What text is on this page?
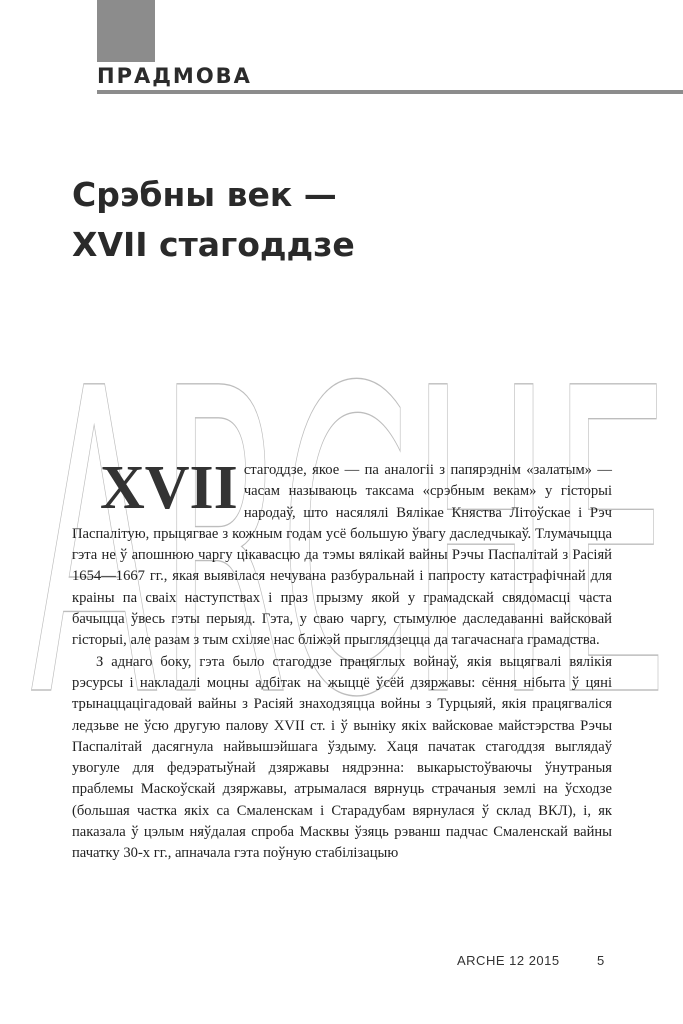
ПРАДМОВА
Срэбны век —
XVII стагоддзе
ARCHE

XVII стагоддзе, якое — па аналогіі з папярэднім «залатым» — часам называюць таксама «срэбным векам» у гісторыі народаў, што насялялі Вялікае Княства Літоўскае і Рэч Паспалітую, прыцягвае з кожным годам усё большую ўвагу даследчыкаў. Тлумачыцца гэта не ў апошнюю чаргу цікавасцю да тэмы вялікай вайны Рэчы Паспалітай з Расіяй 1654—1667 гг., якая выявілася нечувана разбуральнай і папросту катастрафічнай для краіны па сваіх наступствах і праз прызму якой у грамадскай свядомасці часта бачыцца ўвесь гэты перыяд. Гэта, у сваю чаргу, стымулюе даследаванні вайсковай гісторыі, але разам з тым схіляе нас бліжэй прыглядзецца да тагачаснага грамадства.

З аднаго боку, гэта было стагоддзе працяглых войнаў, якія выцягвалі вялікія рэсурсы і накладалі моцны адбітак на жыццё ўсёй дзяржавы: сёння нібыта ў цяні трынаццацігадовай вайны з Расіяй знаходзяцца войны з Турцыяй, якія працягваліся ледзьве не ўсю другую палову XVII ст. і ў выніку якіх вайсковае майстэрства Рэчы Паспалітай дасягнула найвышэйшага ўздыму. Хаця пачатак стагоддзя выглядаў увогуле для федэратыўнай дзяржавы нядрэнна: выкарыстоўваючы ўнутраныя праблемы Маскоўскай дзяржавы, атрымалася вярнуць страчаныя землі на ўсходзе (большая частка якіх са Смаленскам і Старадубам вярнулася ў склад ВКЛ), і, як паказала ў цэлым няўдалая спроба Масквы ўзяць рэванш падчас Смаленскай вайны пачатку 30-х гг., апначала гэта поўную стабілізацыю

ARCHE 12 2015	5
